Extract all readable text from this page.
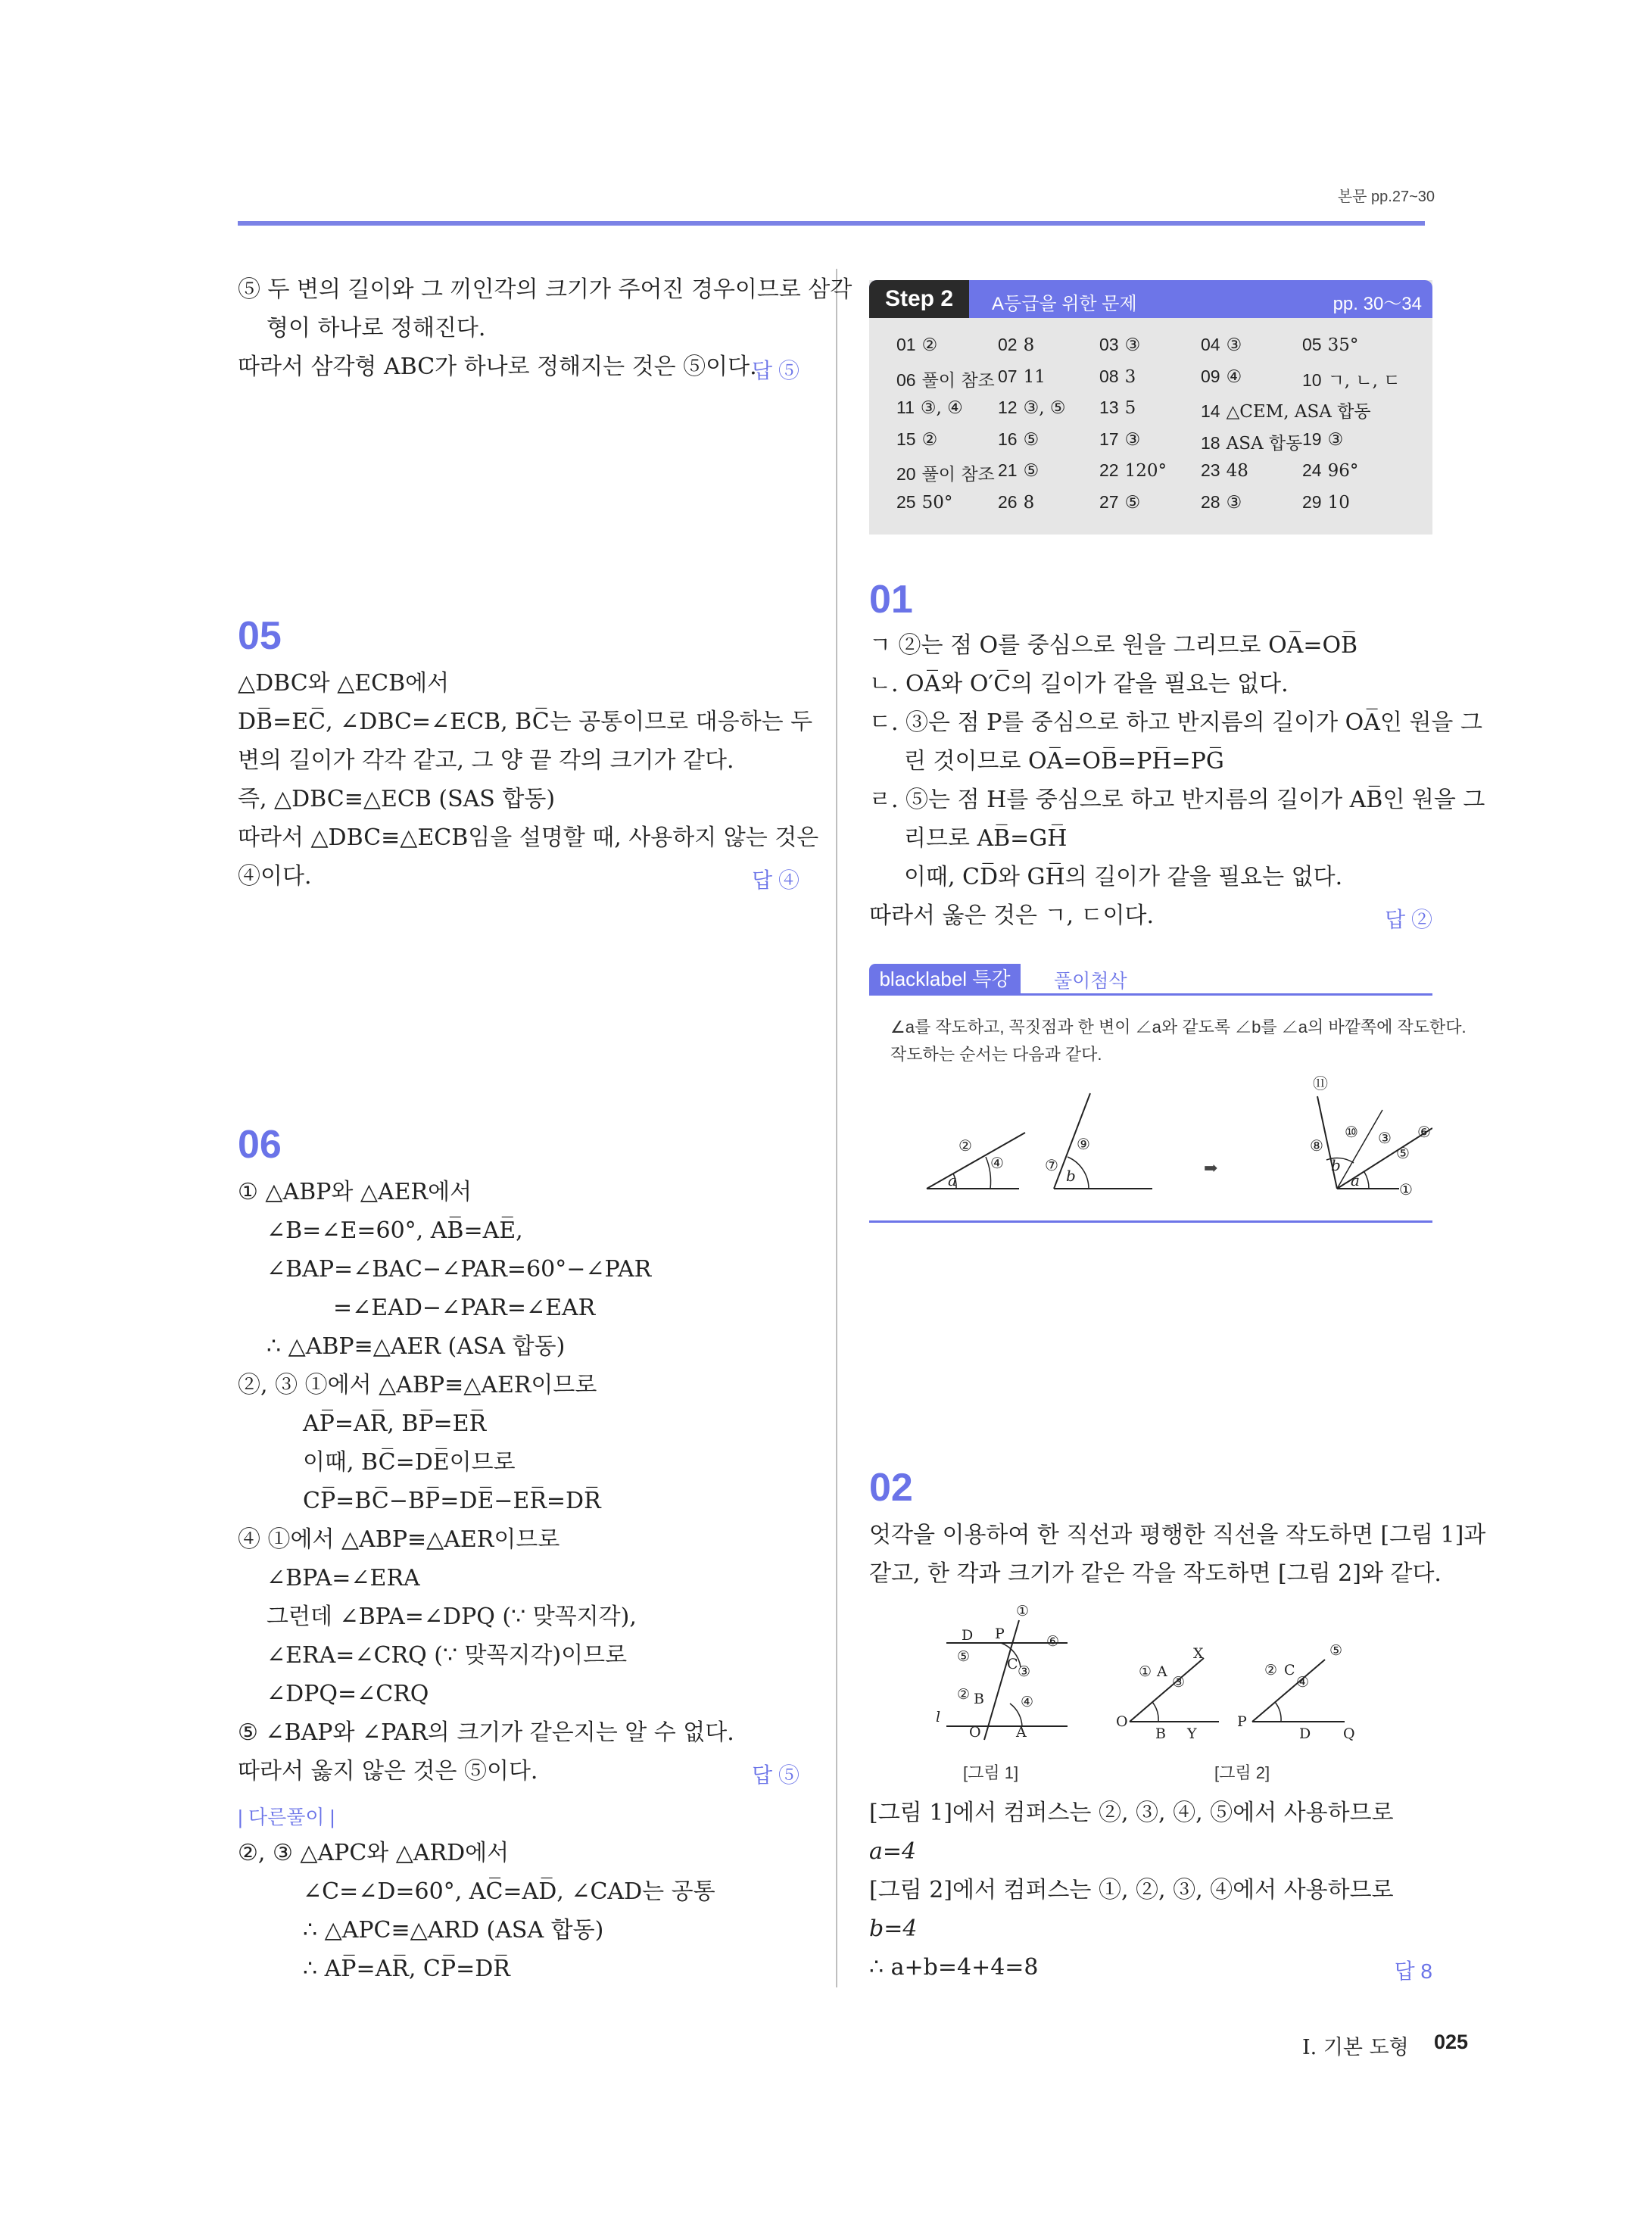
본문 pp.27~30
⑤ 두 변의 길이와 그 끼인각의 크기가 주어진 경우이므로 삼각
형이 하나로 정해진다.
따라서 삼각형 ABC가 하나로 정해지는 것은 ⑤이다.
답 ⑤
05
△DBC와 △ECB에서
DB̅=EC̅, ∠DBC=∠ECB, BC̅는 공통이므로 대응하는 두
변의 길이가 각각 같고, 그 양 끝 각의 크기가 같다.
즉, △DBC≡△ECB (SAS 합동)
따라서 △DBC≡△ECB임을 설명할 때, 사용하지 않는 것은
④이다.	답 ④
06
① △ABP와 △AER에서
∠B=∠E=60°, AB̅=AE̅,
∠BAP=∠BAC−∠PAR=60°−∠PAR
=∠EAD−∠PAR=∠EAR
∴ △ABP≡△AER (ASA 합동)
②, ③ ①에서 △ABP≡△AER이므로
AP̅=AR̅, BP̅=ER̅
이때, BC̅=DE̅이므로
CP̅=BC̅−BP̅=DE̅−ER̅=DR̅
④ ①에서 △ABP≡△AER이므로
∠BPA=∠ERA
그런데 ∠BPA=∠DPQ (∵ 맞꼭지각),
∠ERA=∠CRQ (∵ 맞꼭지각)이므로
∠DPQ=∠CRQ
⑤ ∠BAP와 ∠PAR의 크기가 같은지는 알 수 없다.
따라서 옳지 않은 것은 ⑤이다.	답 ⑤
| 다른풀이 |
②, ③ △APC와 △ARD에서
∠C=∠D=60°, AC̅=AD̅, ∠CAD는 공통
∴ △APC≡△ARD (ASA 합동)
∴ AP̅=AR̅, CP̅=DR̅
Step 2	A등급을 위한 문제	pp. 30～34
01 ②	02 8	03 ③	04 ③	05 35°
06 풀이 참조 07 11	08 3	09 ④	10 ㄱ, ㄴ, ㄷ
11 ③, ④ 12 ③, ⑤ 13 5	14 △CEM, ASA 합동
15 ②	16 ⑤	17 ③	18 ASA 합동 19 ③
20 풀이 참조 21 ⑤	22 120° 23 48	24 96°
25 50°	26 8	27 ⑤	28 ③	29 10
01
ㄱ ②는 점 O를 중심으로 원을 그리므로 OA̅=OB̅
ㄴ. OA̅와 O′C̅의 길이가 같을 필요는 없다.
ㄷ. ③은 점 P를 중심으로 하고 반지름의 길이가 OA̅인 원을 그
린 것이므로 OA̅=OB̅=PH̅=PG̅
ㄹ. ⑤는 점 H를 중심으로 하고 반지름의 길이가 AB̅인 원을 그
리므로 AB̅=GH̅
이때, CD̅와 GH̅의 길이가 같을 필요는 없다.
따라서 옳은 것은 ㄱ, ㄷ이다.	답 ②
blacklabel 특강	풀이첨삭
∠a를 작도하고, 꼭짓점과 한 변이 ∠a와 같도록 ∠b를 ∠a의 바깥쪽에 작도한다.
작도하는 순서는 다음과 같다.
②
④
a
⑨
⑦
b	➡
⑪
⑩ ③ ⑥
⑧	⑤
b
a	①
02
엇각을 이용하여 한 직선과 평행한 직선을 작도하면 [그림 1]과
같고, 한 각과 크기가 같은 각을 작도하면 [그림 2]와 같다.
①
D P	⑥
⑤	C ③
② B	④
l
O A
X
① A
③
O
B Y
⑤
② C
④
P
D Q
[그림 1]	[그림 2]
[그림 1]에서 컴퍼스는 ②, ③, ④, ⑤에서 사용하므로
a=4
[그림 2]에서 컴퍼스는 ①, ②, ③, ④에서 사용하므로
b=4
∴ a+b=4+4=8	답 8
I. 기본 도형 025
